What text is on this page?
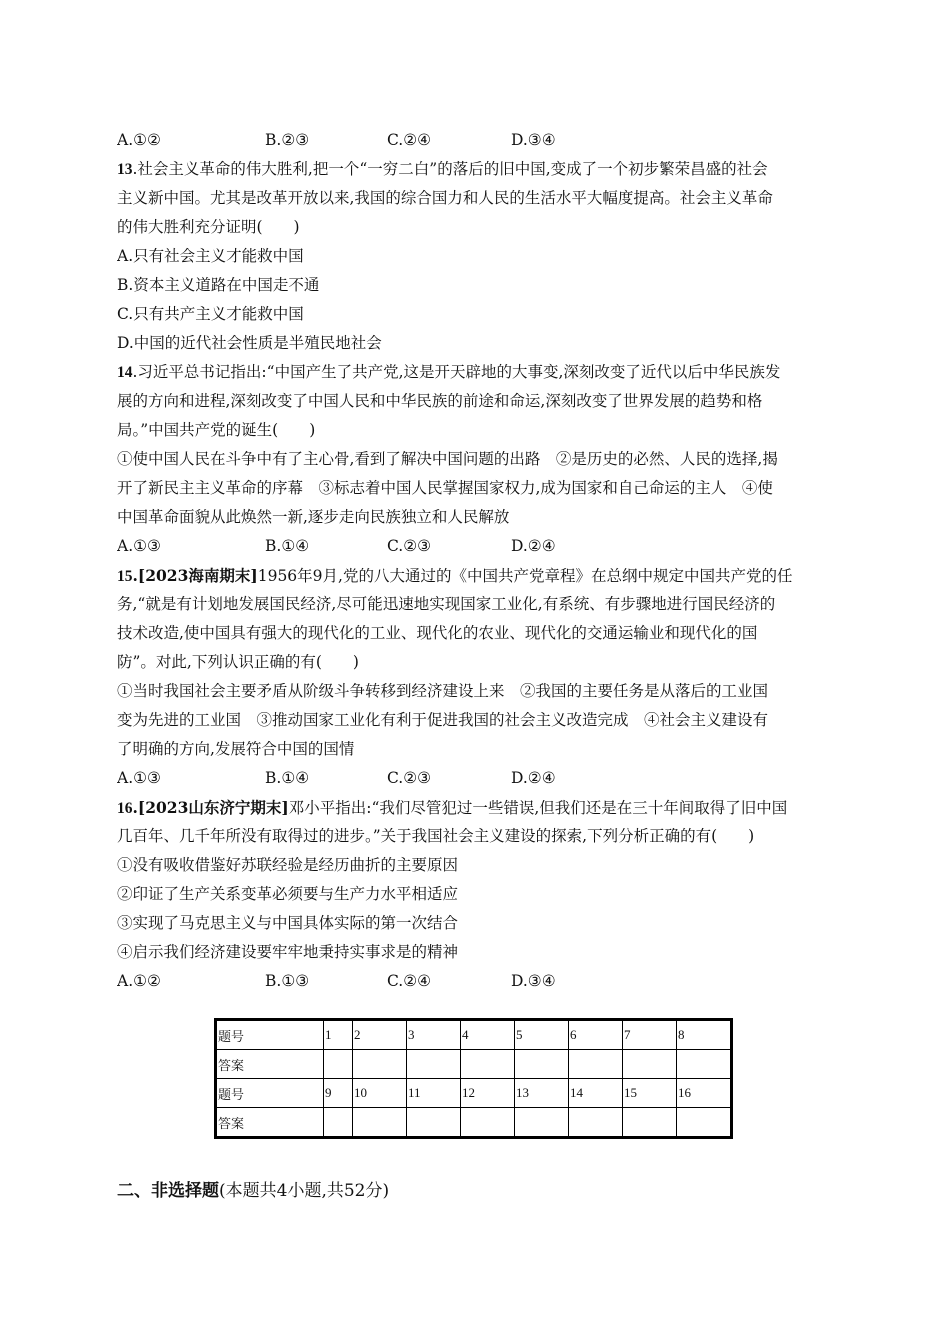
A.①②	B.②③	C.②④	D.③④
13.社会主义革命的伟大胜利,把一个“一穷二白”的落后的旧中国,变成了一个初步繁荣昌盛的社会
主义新中国。尤其是改革开放以来,我国的综合国力和人民的生活水平大幅度提高。社会主义革命
的伟大胜利充分证明(　　)
A.只有社会主义才能救中国
B.资本主义道路在中国走不通
C.只有共产主义才能救中国
D.中国的近代社会性质是半殖民地社会
14.习近平总书记指出:“中国产生了共产党,这是开天辟地的大事变,深刻改变了近代以后中华民族发
展的方向和进程,深刻改变了中国人民和中华民族的前途和命运,深刻改变了世界发展的趋势和格
局。”中国共产党的诞生(　　)
①使中国人民在斗争中有了主心骨,看到了解决中国问题的出路　②是历史的必然、人民的选择,揭
开了新民主主义革命的序幕　③标志着中国人民掌握国家权力,成为国家和自己命运的主人　④使
中国革命面貌从此焕然一新,逐步走向民族独立和人民解放
A.①③	B.①④	C.②③	D.②④
15.[2023海南期末]1956年9月,党的八大通过的《中国共产党章程》在总纲中规定中国共产党的任
务,“就是有计划地发展国民经济,尽可能迅速地实现国家工业化,有系统、有步骤地进行国民经济的
技术改造,使中国具有强大的现代化的工业、现代化的农业、现代化的交通运输业和现代化的国
防”。对此,下列认识正确的有(　　)
①当时我国社会主要矛盾从阶级斗争转移到经济建设上来　②我国的主要任务是从落后的工业国
变为先进的工业国　③推动国家工业化有利于促进我国的社会主义改造完成　④社会主义建设有
了明确的方向,发展符合中国的国情
A.①③	B.①④	C.②③	D.②④
16.[2023山东济宁期末]邓小平指出:“我们尽管犯过一些错误,但我们还是在三十年间取得了旧中国
几百年、几千年所没有取得过的进步。”关于我国社会主义建设的探索,下列分析正确的有(　　)
①没有吸收借鉴好苏联经验是经历曲折的主要原因
②印证了生产关系变革必须要与生产力水平相适应
③实现了马克思主义与中国具体实际的第一次结合
④启示我们经济建设要牢牢地秉持实事求是的精神
A.①②	B.①③	C.②④	D.③④
题号	1	2	3	4	5	6	7	8
答案								
题号	9	10	11	12	13	14	15	16
答案								
二、非选择题(本题共4小题,共52分)
